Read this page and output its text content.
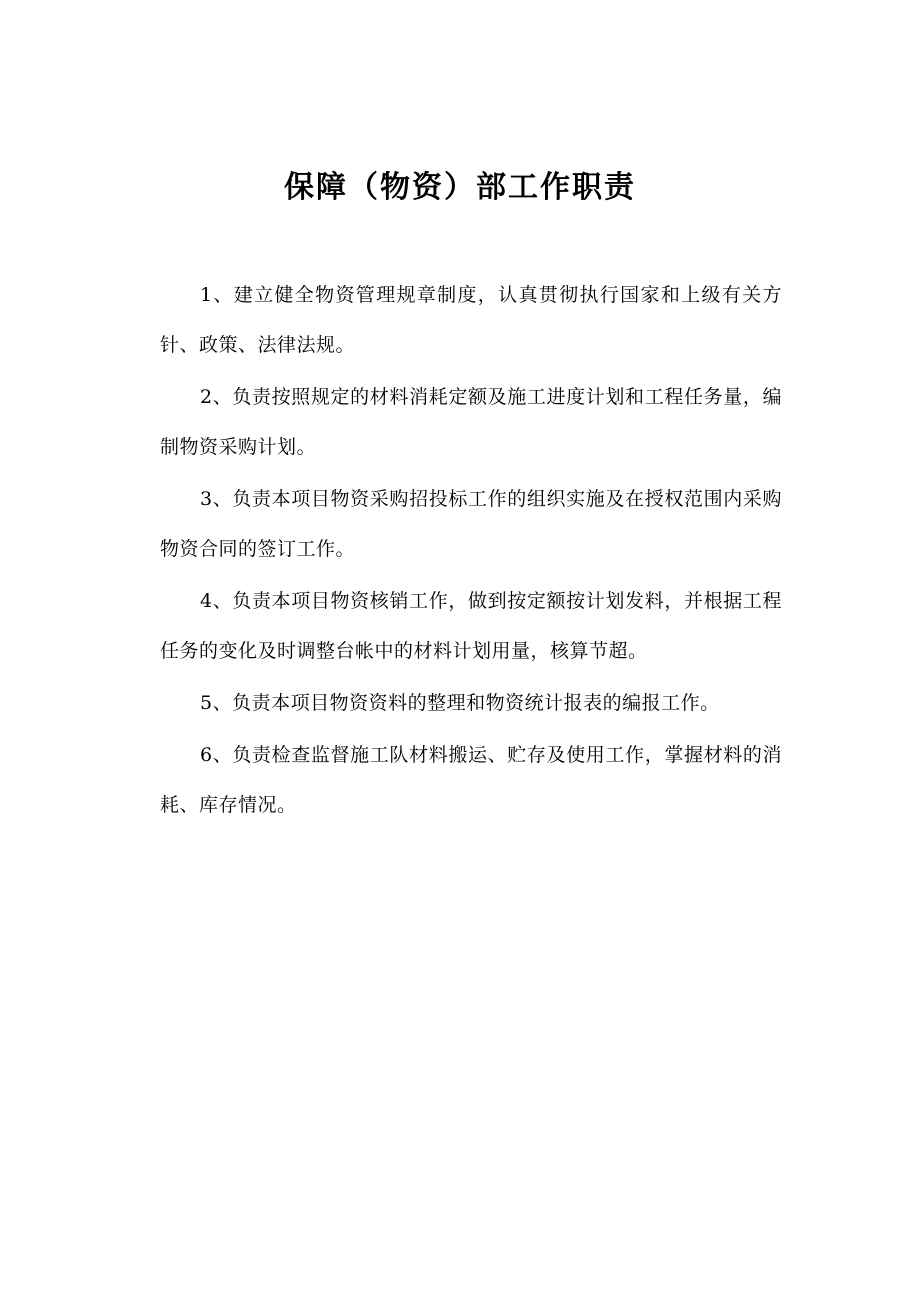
保障（物资）部工作职责

1、建立健全物资管理规章制度，认真贯彻执行国家和上级有关方针、政策、法律法规。

2、负责按照规定的材料消耗定额及施工进度计划和工程任务量，编制物资采购计划。

3、负责本项目物资采购招投标工作的组织实施及在授权范围内采购物资合同的签订工作。

4、负责本项目物资核销工作，做到按定额按计划发料，并根据工程任务的变化及时调整台帐中的材料计划用量，核算节超。

5、负责本项目物资资料的整理和物资统计报表的编报工作。

6、负责检查监督施工队材料搬运、贮存及使用工作，掌握材料的消耗、库存情况。
